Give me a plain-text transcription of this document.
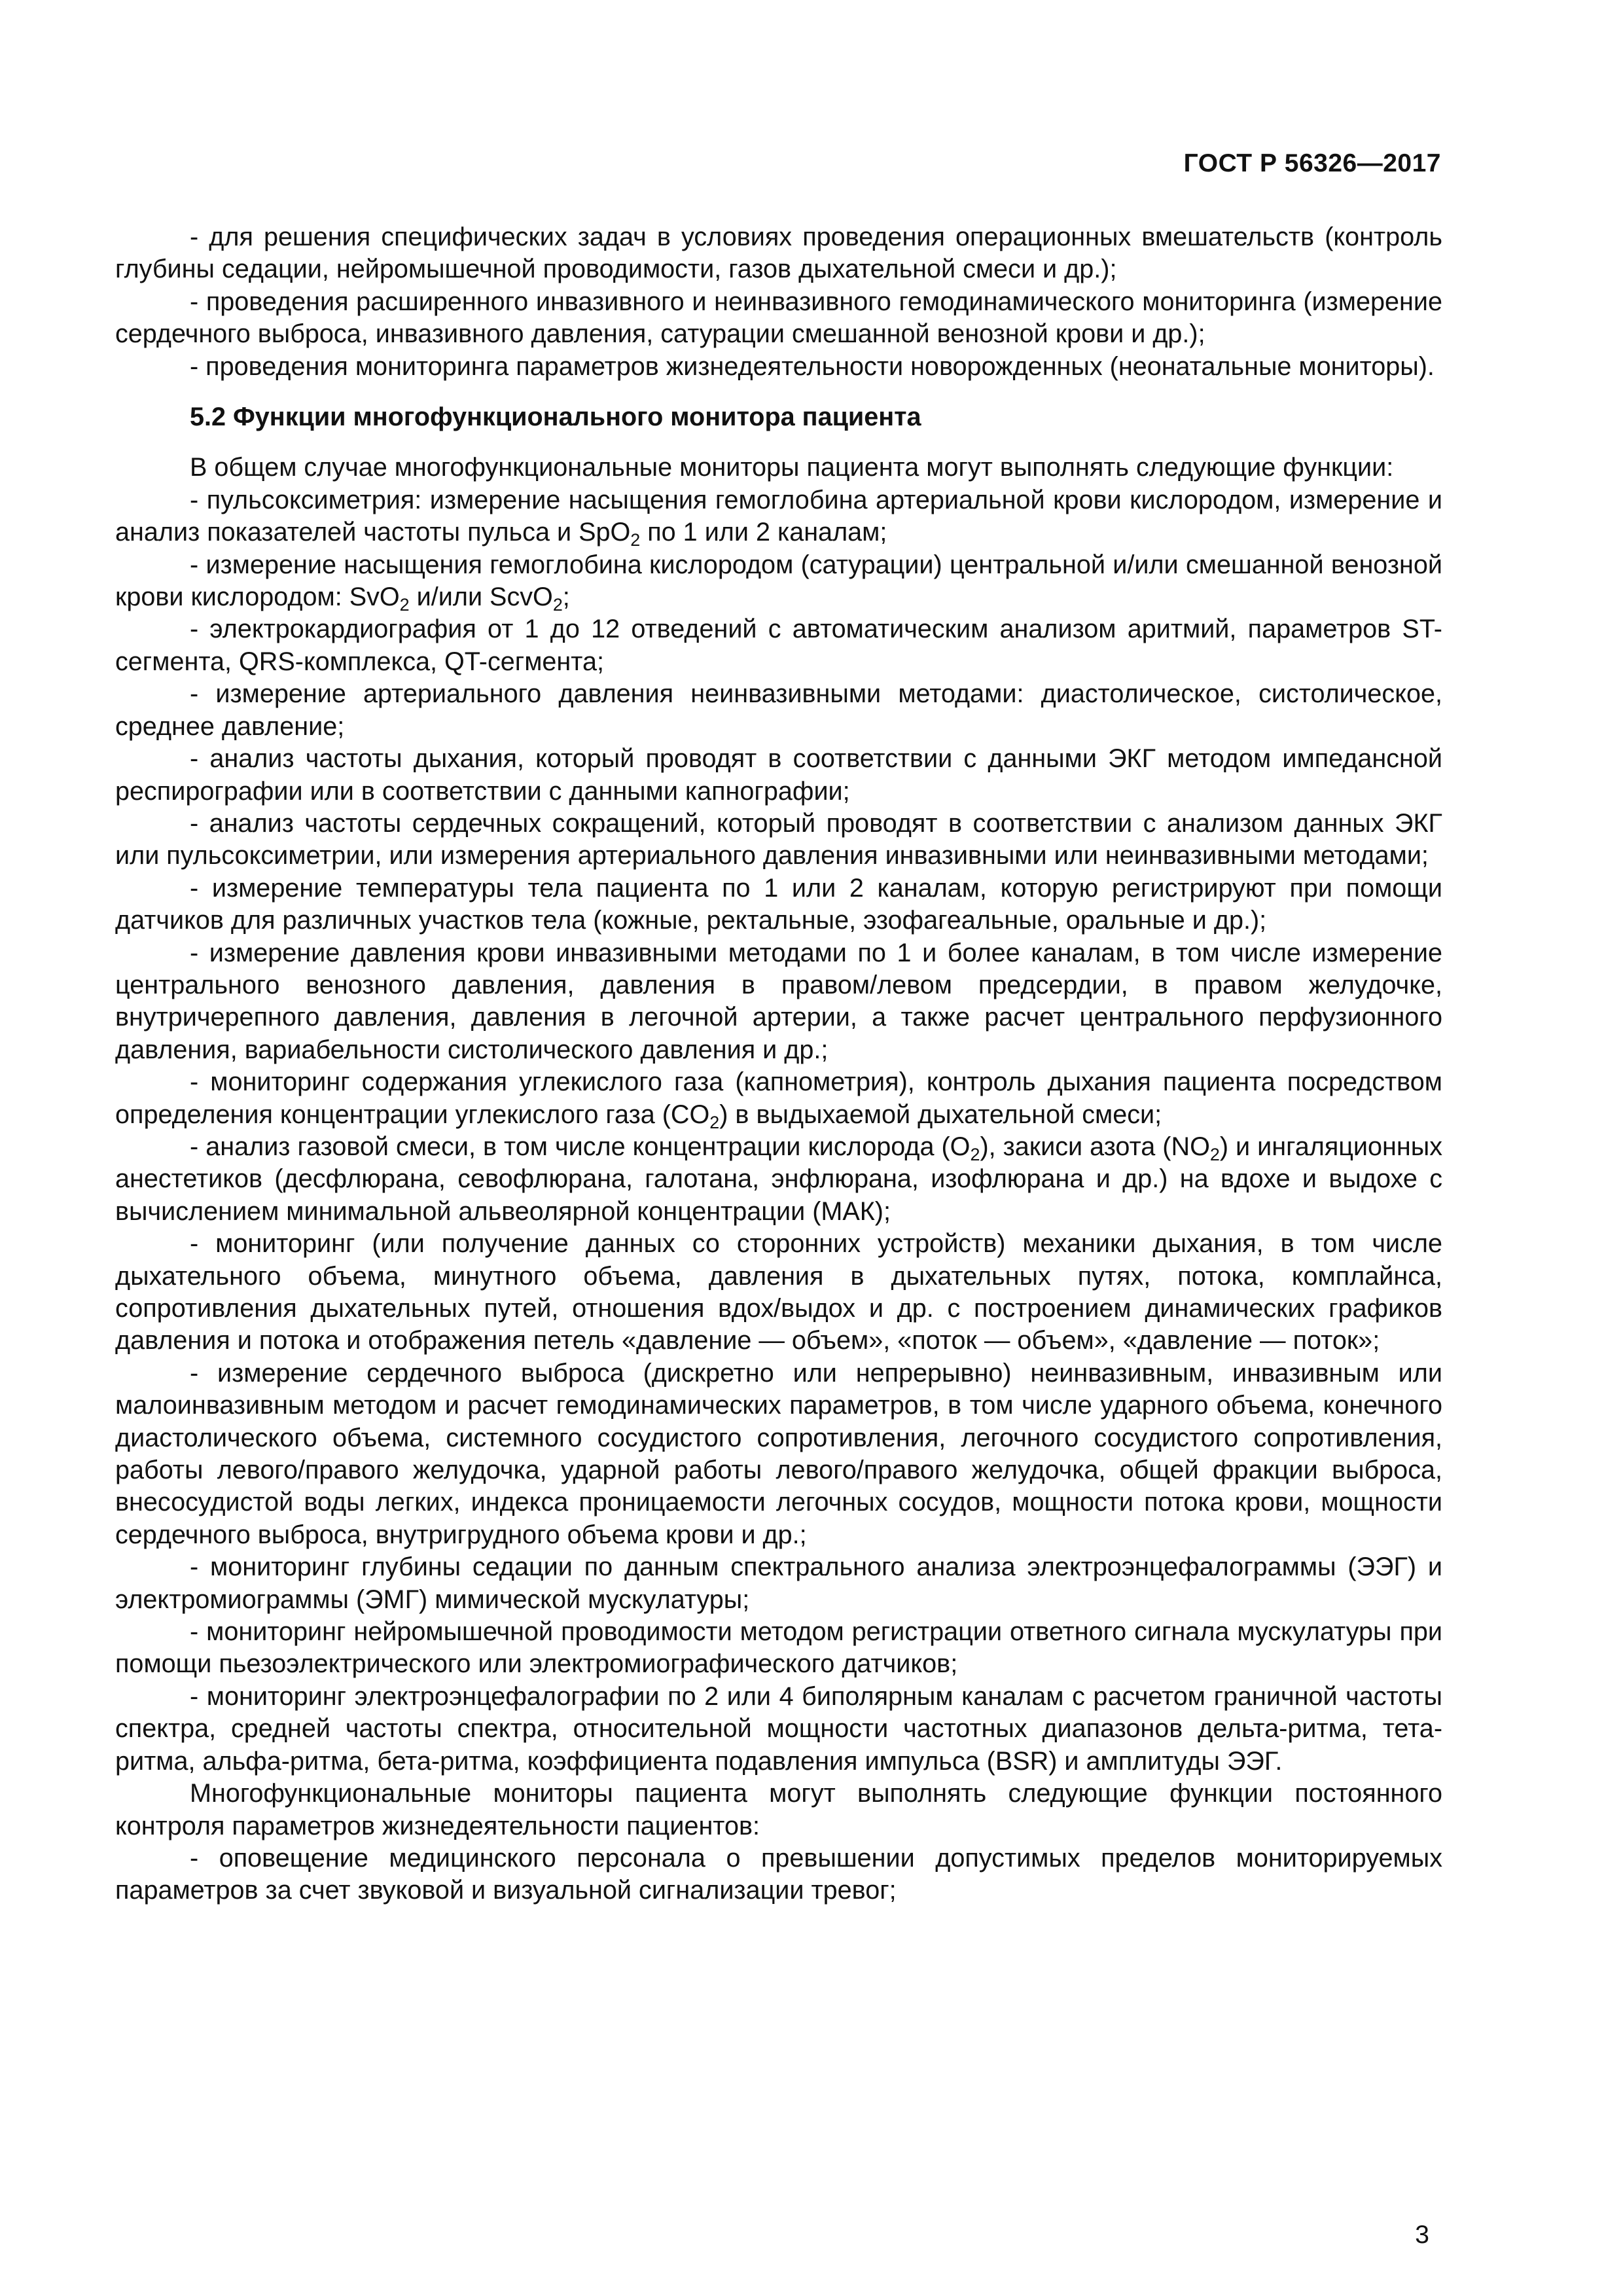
ГОСТ Р 56326—2017

- для решения специфических задач в условиях проведения операционных вмешательств (контроль глубины седации, нейромышечной проводимости, газов дыхательной смеси и др.);

- проведения расширенного инвазивного и неинвазивного гемодинамического мониторинга (измерение сердечного выброса, инвазивного давления, сатурации смешанной венозной крови и др.);

- проведения мониторинга параметров жизнедеятельности новорожденных (неонатальные мониторы).

5.2 Функции многофункционального монитора пациента

В общем случае многофункциональные мониторы пациента могут выполнять следующие функции:

- пульсоксиметрия: измерение насыщения гемоглобина артериальной крови кислородом, измерение и анализ показателей частоты пульса и SpO$_2$ по 1 или 2 каналам;

- измерение насыщения гемоглобина кислородом (сатурации) центральной и/или смешанной венозной крови кислородом: SvO$_2$ и/или ScvO$_2$;

- электрокардиография от 1 до 12 отведений с автоматическим анализом аритмий, параметров ST-сегмента, QRS-комплекса, QT-сегмента;

- измерение артериального давления неинвазивными методами: диастолическое, систолическое, среднее давление;

- анализ частоты дыхания, который проводят в соответствии с данными ЭКГ методом импедансной респирографии или в соответствии с данными капнографии;

- анализ частоты сердечных сокращений, который проводят в соответствии с анализом данных ЭКГ или пульсоксиметрии, или измерения артериального давления инвазивными или неинвазивными методами;

- измерение температуры тела пациента по 1 или 2 каналам, которую регистрируют при помощи датчиков для различных участков тела (кожные, ректальные, эзофагеальные, оральные и др.);

- измерение давления крови инвазивными методами по 1 и более каналам, в том числе измерение центрального венозного давления, давления в правом/левом предсердии, в правом желудочке, внутричерепного давления, давления в легочной артерии, а также расчет центрального перфузионного давления, вариабельности систолического давления и др.;

- мониторинг содержания углекислого газа (капнометрия), контроль дыхания пациента посредством определения концентрации углекислого газа $(CO_2)$ в выдыхаемой дыхательной смеси;

- анализ газовой смеси, в том числе концентрации кислорода $(O_2)$, закиси азота $(NO_2)$ и ингаляционных анестетиков (десфлюрана, севофлюрана, галотана, энфлюрана, изофлюрана и др.) на вдохе и выдохе с вычислением минимальной альвеолярной концентрации (МАК);

- мониторинг (или получение данных со сторонних устройств) механики дыхания, в том числе дыхательного объема, минутного объема, давления в дыхательных путях, потока, комплайнса, сопротивления дыхательных путей, отношения вдох/выдох и др. с построением динамических графиков давления и потока и отображения петель «давление — объем», «поток — объем», «давление — поток»;

- измерение сердечного выброса (дискретно или непрерывно) неинвазивным, инвазивным или малоинвазивным методом и расчет гемодинамических параметров, в том числе ударного объема, конечного диастолического объема, системного сосудистого сопротивления, легочного сосудистого сопротивления, работы левого/правого желудочка, ударной работы левого/правого желудочка, общей фракции выброса, внесосудистой воды легких, индекса проницаемости легочных сосудов, мощности потока крови, мощности сердечного выброса, внутригрудного объема крови и др.;

- мониторинг глубины седации по данным спектрального анализа электроэнцефалограммы (ЭЭГ) и электромиограммы (ЭМГ) мимической мускулатуры;

- мониторинг нейромышечной проводимости методом регистрации ответного сигнала мускулатуры при помощи пьезоэлектрического или электромиографического датчиков;

- мониторинг электроэнцефалографии по 2 или 4 биполярным каналам с расчетом граничной частоты спектра, средней частоты спектра, относительной мощности частотных диапазонов дельта-ритма, тета-ритма, альфа-ритма, бета-ритма, коэффициента подавления импульса (BSR) и амплитуды ЭЭГ.

Многофункциональные мониторы пациента могут выполнять следующие функции постоянного контроля параметров жизнедеятельности пациентов:

- оповещение медицинского персонала о превышении допустимых пределов мониторируемых параметров за счет звуковой и визуальной сигнализации тревог;

3
